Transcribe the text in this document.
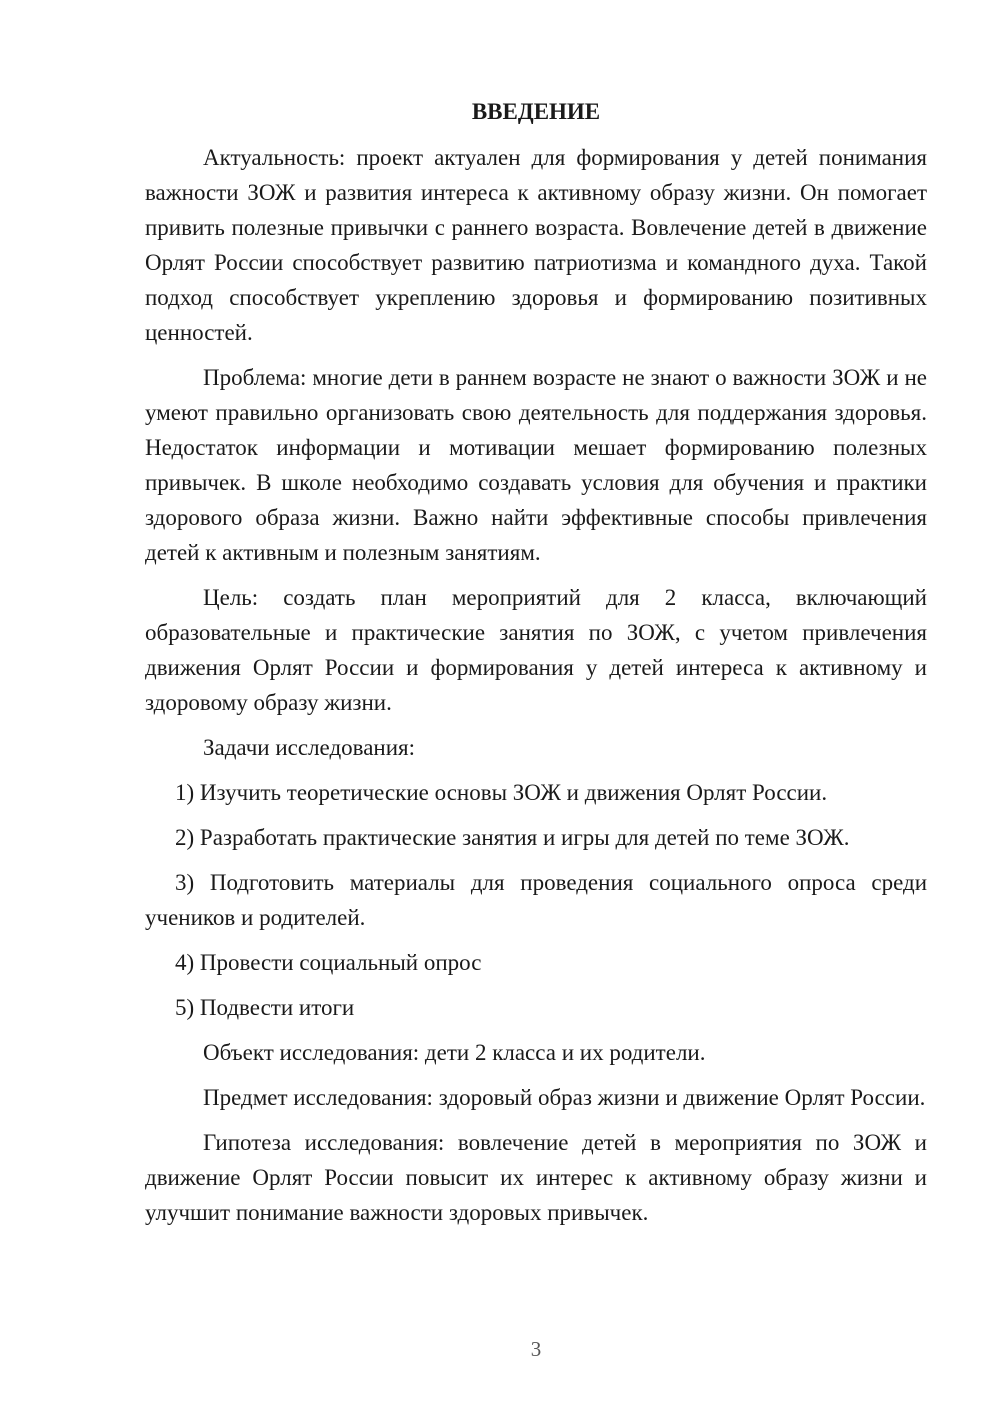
ВВЕДЕНИЕ

Актуальность: проект актуален для формирования у детей понимания важности ЗОЖ и развития интереса к активному образу жизни. Он помогает привить полезные привычки с раннего возраста. Вовлечение детей в движение Орлят России способствует развитию патриотизма и командного духа. Такой подход способствует укреплению здоровья и формированию позитивных ценностей.

Проблема: многие дети в раннем возрасте не знают о важности ЗОЖ и не умеют правильно организовать свою деятельность для поддержания здоровья. Недостаток информации и мотивации мешает формированию полезных привычек. В школе необходимо создавать условия для обучения и практики здорового образа жизни. Важно найти эффективные способы привлечения детей к активным и полезным занятиям.

Цель: создать план мероприятий для 2 класса, включающий образовательные и практические занятия по ЗОЖ, с учетом привлечения движения Орлят России и формирования у детей интереса к активному и здоровому образу жизни.

Задачи исследования:

1) Изучить теоретические основы ЗОЖ и движения Орлят России.

2) Разработать практические занятия и игры для детей по теме ЗОЖ.

3) Подготовить материалы для проведения социального опроса среди учеников и родителей.

4) Провести социальный опрос

5) Подвести итоги

Объект исследования: дети 2 класса и их родители.

Предмет исследования: здоровый образ жизни и движение Орлят России.

Гипотеза исследования: вовлечение детей в мероприятия по ЗОЖ и движение Орлят России повысит их интерес к активному образу жизни и улучшит понимание важности здоровых привычек.

3
